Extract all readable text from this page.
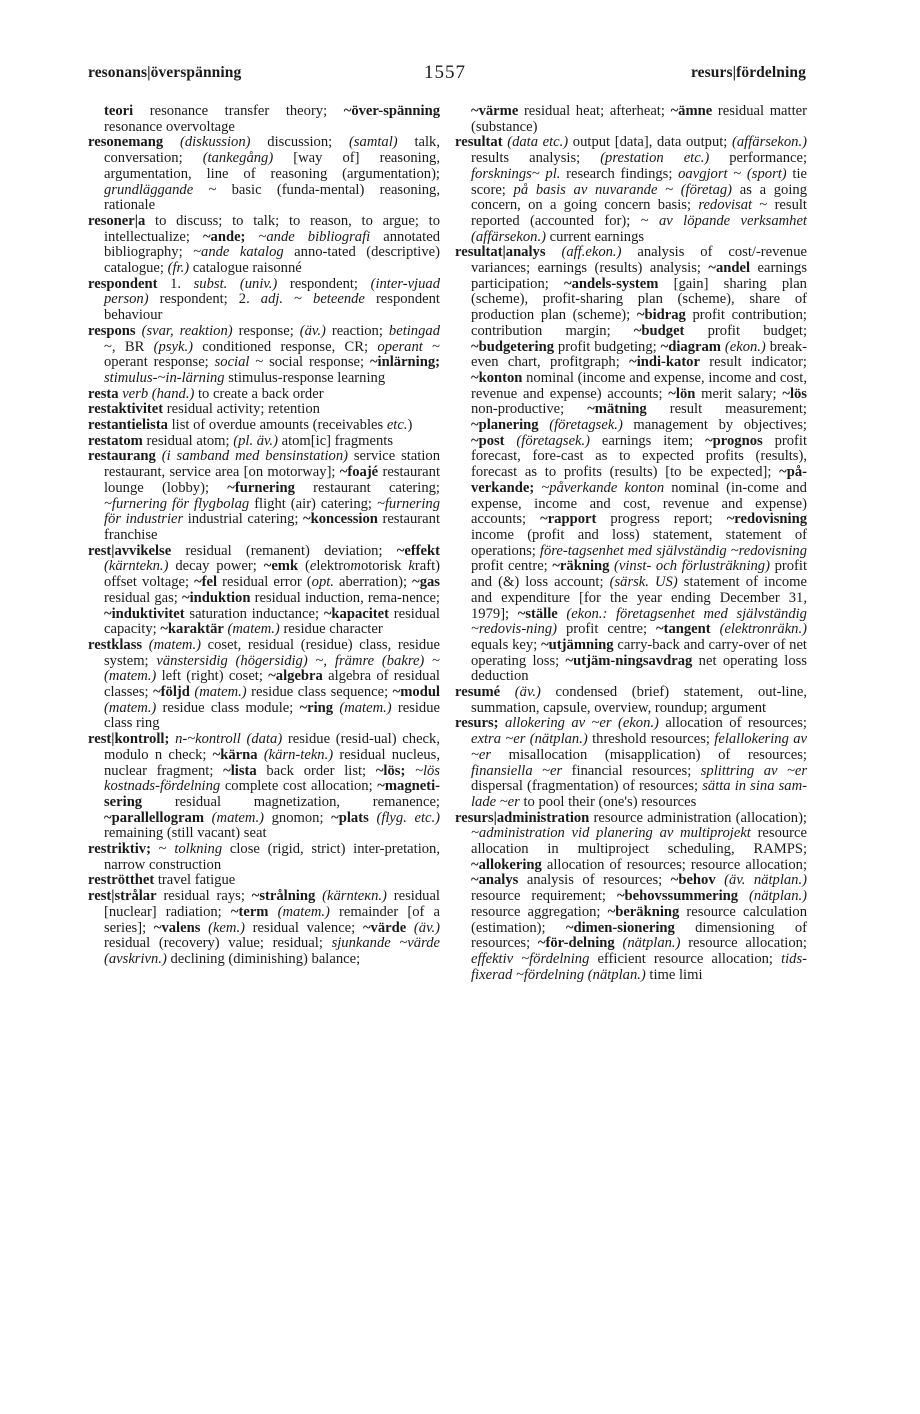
resonans|överspänning	1557	resurs|fördelning

teori resonance transfer theory; ~över-spänning resonance overvoltage

resonemang (diskussion) discussion; (samtal) talk, conversation; (tankegång) [way of] reasoning, argumentation, line of reasoning (argumentation); grundläggande ~ basic (funda-mental) reasoning, rationale

resoner|a to discuss; to talk; to reason, to argue; to intellectualize; ~ande; ~ande bibliografi annotated bibliography; ~ande katalog anno-tated (descriptive) catalogue; (fr.) catalogue raisonné

respondent 1. subst. (univ.) respondent; (inter-vjuad person) respondent; 2. adj. ~ beteende respondent behaviour

respons (svar, reaktion) response; (äv.) reaction; betingad ~, BR (psyk.) conditioned response, CR; operant ~ operant response; social ~ social response; ~inlärning; stimulus-~in-lärning stimulus-response learning

resta verb (hand.) to create a back order

restaktivitet residual activity; retention

restantielista list of overdue amounts (receivables etc.)

restatom residual atom; (pl. äv.) atom[ic] fragments

restaurang (i samband med bensinstation) service station restaurant, service area [on motorway]; ~foajé restaurant lounge (lobby); ~furnering restaurant catering; ~furnering för flygbolag flight (air) catering; ~furnering för industrier industrial catering; ~koncession restaurant franchise

rest|avvikelse residual (remanent) deviation; ~effekt (kärntekn.) decay power; ~emk (elektromotorisk kraft) offset voltage; ~fel residual error (opt. aberration); ~gas residual gas; ~induktion residual induction, rema-nence; ~induktivitet saturation inductance; ~kapacitet residual capacity; ~karaktär (matem.) residue character

restklass (matem.) coset, residual (residue) class, residue system; vänstersidig (högersidig) ~, främre (bakre) ~ (matem.) left (right) coset; ~algebra algebra of residual classes; ~följd (matem.) residue class sequence; ~modul (matem.) residue class module; ~ring (matem.) residue class ring

rest|kontroll; n-~kontroll (data) residue (resid-ual) check, modulo n check; ~kärna (kärn-tekn.) residual nucleus, nuclear fragment; ~lista back order list; ~lös; ~lös kostnads-fördelning complete cost allocation; ~magneti-sering residual magnetization, remanence; ~parallellogram (matem.) gnomon; ~plats (flyg. etc.) remaining (still vacant) seat

restriktiv; ~ tolkning close (rigid, strict) inter-pretation, narrow construction

reströtthet travel fatigue

rest|strålar residual rays; ~strålning (kärnteкn.) residual [nuclear] radiation; ~term (matem.) remainder [of a series]; ~valens (kem.) residual valence; ~värde (äv.) residual (recovery) value; residual; sjunkande ~värde (avskrivn.) declining (diminishing) balance;

~värme residual heat; afterheat; ~ämne residual matter (substance)

resultat (data etc.) output [data], data output; (affärsekon.) results analysis; (prestation etc.) performance; forsknings~ pl. research findings; oavgjort ~ (sport) tie score; på basis av nuvarande ~ (företag) as a going concern, on a going concern basis; redovisat ~ result reported (accounted for); ~ av löpande verksamhet (affärsekon.) current earnings

resultat|analys (aff.ekon.) analysis of cost/-revenue variances; earnings (results) analysis; ~andel earnings participation; ~andels-system [gain] sharing plan (scheme), profit-sharing plan (scheme), share of production plan (scheme); ~bidrag profit contribution; contribution margin; ~budget profit budget; ~budgetering profit budgeting; ~diagram (ekon.) break-even chart, profitgraph; ~indi-kator result indicator; ~konton nominal (income and expense, income and cost, revenue and expense) accounts; ~lön merit salary; ~lös non-productive; ~mätning result measurement; ~planering (företagsek.) management by objectives; ~post (företagsek.) earnings item; ~prognos profit forecast, fore-cast as to expected profits (results), forecast as to profits (results) [to be expected]; ~på-verkande; ~påverkande konton nominal (in-come and expense, income and cost, revenue and expense) accounts; ~rapport progress report; ~redovisning income (profit and loss) statement, statement of operations; före-tagsenhet med självständig ~redovisning profit centre; ~räkning (vinst- och förlusträkning) profit and (&) loss account; (särsk. US) statement of income and expenditure [for the year ending December 31, 1979]; ~ställe (ekon.: företagsenhet med självständig ~redovis-ning) profit centre; ~tangent (elektronräkn.) equals key; ~utjämning carry-back and carry-over of net operating loss; ~utjäm-ningsavdrag net operating loss deduction

resumé (äv.) condensed (brief) statement, out-line, summation, capsule, overview, roundup; argument

resurs; allokering av ~er (ekon.) allocation of resources; extra ~er (nätplan.) threshold resources; felallokering av ~er misallocation (misapplication) of resources; finansiella ~er financial resources; splittring av ~er dispersal (fragmentation) of resources; sätta in sina sam-lade ~er to pool their (one's) resources

resurs|administration resource administration (allocation); ~administration vid planering av multiprojekt resource allocation in multiproject scheduling, RAMPS; ~allokering allocation of resources; resource allocation; ~analys analysis of resources; ~behov (äv. nätplan.) resource requirement; ~behovssummering (nätplan.) resource aggregation; ~beräkning resource calculation (estimation); ~dimen-sionering dimensioning of resources; ~för-delning (nätplan.) resource allocation; effektiv ~fördelning efficient resource allocation; tids-fixerad ~fördelning (nätplan.) time limi
